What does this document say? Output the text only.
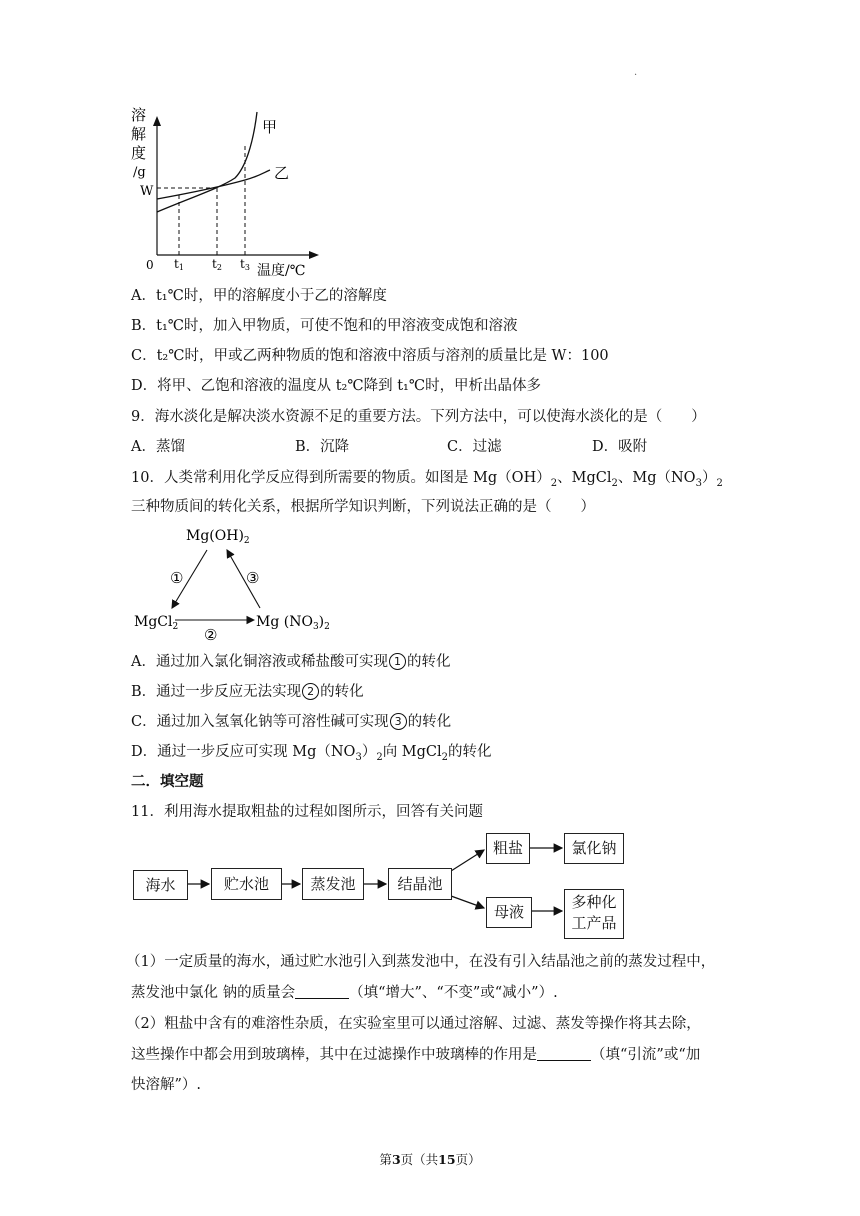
·
溶
解
度
/g
W
甲
乙
0 t1 t2 t3 温度/℃
A．t₁℃时，甲的溶解度小于乙的溶解度
B．t₁℃时，加入甲物质，可使不饱和的甲溶液变成饱和溶液
C．t₂℃时，甲或乙两种物质的饱和溶液中溶质与溶剂的质量比是 W：100
D．将甲、乙饱和溶液的温度从 t₂℃降到 t₁℃时，甲析出晶体多
9．海水淡化是解决淡水资源不足的重要方法。下列方法中，可以使海水淡化的是（　　）
A．蒸馏	B．沉降	C．过滤	D．吸附
10．人类常利用化学反应得到所需要的物质。如图是 $Mg(OH)_2$、MgCl$_2$、$Mg(NO_3)_2$
三种物质间的转化关系，根据所学知识判断，下列说法正确的是（　　）
$Mg(OH)_2$
MgCl$_2$	Mg $(NO_3)_2$
①
②
③
A．通过加入氯化铜溶液或稀盐酸可实现 1 的转化
B．通过一步反应无法实现 2 的转化
C．通过加入氢氧化钠等可溶性碱可实现 3 的转化
D．通过一步反应可实现 $Mg(NO_3)_2$向 MgCl$_2$的转化
二．填空题
11．利用海水提取粗盐的过程如图所示，回答有关问题
海水	贮水池	蒸发池	结晶池
粗盐	氯化钠
母液
多种化
工产品
（1）一定质量的海水，通过贮水池引入到蒸发池中，在没有引入结晶池之前的蒸发过程中，
蒸发池中氯化 钠的质量会	（填“增大”、“不变”或“减小”）.
（2）粗盐中含有的难溶性杂质，在实验室里可以通过溶解、过滤、蒸发等操作将其去除，
这些操作中都会用到玻璃棒，其中在过滤操作中玻璃棒的作用是	（填“引流”或“加
快溶解”）.
第3页（共15页）
